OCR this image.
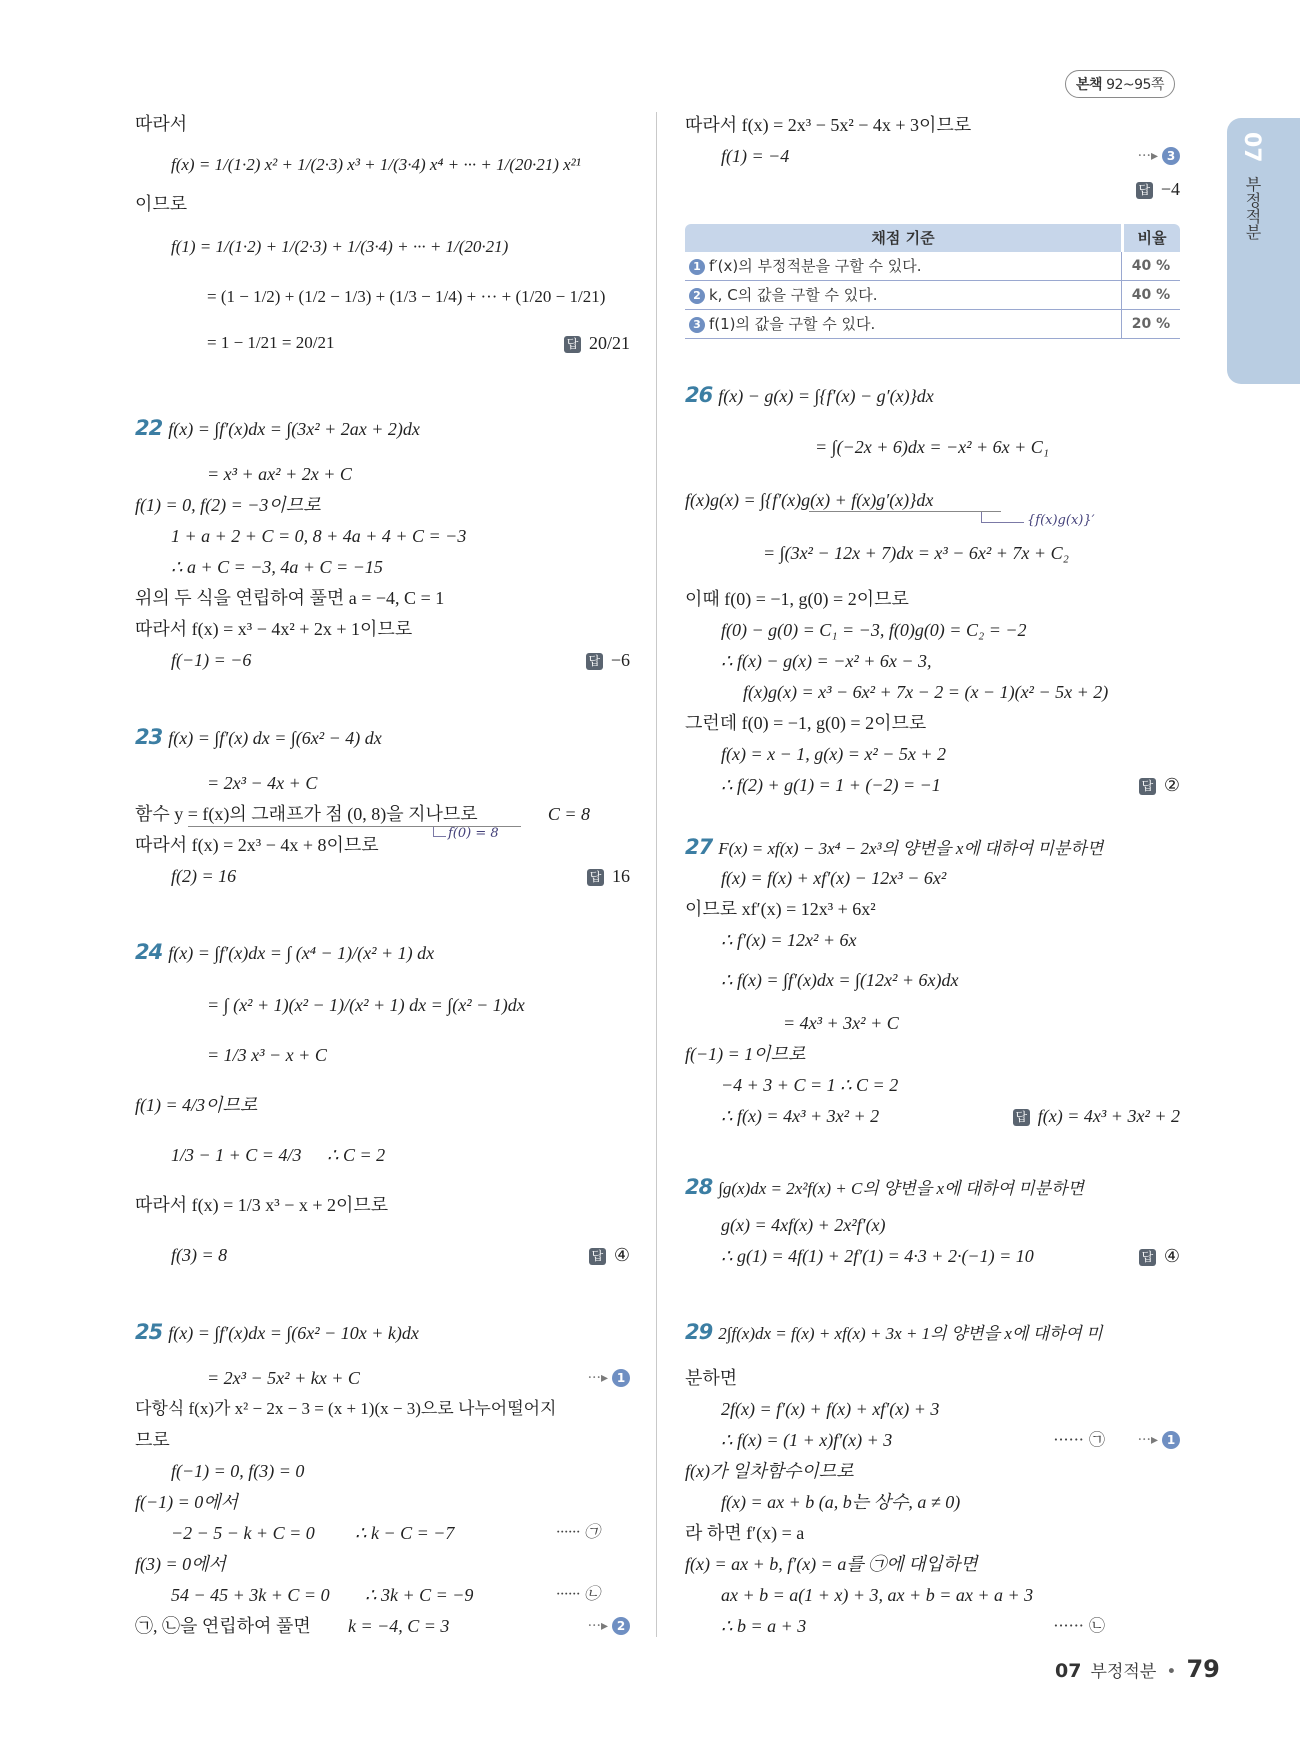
본책 92~95쪽
07
부정적분
따라서
f(x) = 1/(1·2) x² + 1/(2·3) x³ + 1/(3·4) x⁴ + ··· + 1/(20·21) x²¹
이므로
f(1) = 1/(1·2) + 1/(2·3) + 1/(3·4) + ··· + 1/(20·21)
= (1 − 1/2) + (1/2 − 1/3) + (1/3 − 1/4) + ··· + (1/20 − 1/21)
= 1 − 1/21 = 20/21	답 20/21
22 f(x) = ∫f′(x)dx = ∫(3x² + 2ax + 2)dx
= x³ + ax² + 2x + C
f(1) = 0, f(2) = −3이므로
1 + a + 2 + C = 0, 8 + 4a + 4 + C = −3
∴ a + C = −3, 4a + C = −15
위의 두 식을 연립하여 풀면 a = −4, C = 1
따라서 f(x) = x³ − 4x² + 2x + 1이므로
f(−1) = −6	답 −6
23 f(x) = ∫f′(x) dx = ∫(6x² − 4) dx
= 2x³ − 4x + C
함수 y = f(x)의 그래프가 점 (0, 8)을 지나므로	C = 8
f(0) = 8
따라서 f(x) = 2x³ − 4x + 8이므로
f(2) = 16	답 16
24 f(x) = ∫f′(x)dx = ∫ (x⁴ − 1)/(x² + 1) dx
= ∫ (x² + 1)(x² − 1)/(x² + 1) dx = ∫(x² − 1)dx
= 1/3 x³ − x + C
f(1) = 4/3이므로
1/3 − 1 + C = 4/3	∴ C = 2
따라서 f(x) = 1/3 x³ − x + 2이므로
f(3) = 8	답 ④
25 f(x) = ∫f′(x)dx = ∫(6x² − 10x + k)dx
= 2x³ − 5x² + kx + C	···▸ 1
다항식 f(x)가 x² − 2x − 3 = (x + 1)(x − 3)으로 나누어떨어지
므로
f(−1) = 0, f(3) = 0
f(−1) = 0에서
−2 − 5 − k + C = 0	∴ k − C = −7	······ ㉠
f(3) = 0에서
54 − 45 + 3k + C = 0	∴ 3k + C = −9	······ ㉡
㉠, ㉡을 연립하여 풀면	k = −4, C = 3	···▸ 2
따라서 f(x) = 2x³ − 5x² − 4x + 3이므로
f(1) = −4	···▸ 3
답 −4
채점 기준	비율
1 f′(x)의 부정적분을 구할 수 있다.	40 %
2 k, C의 값을 구할 수 있다.	40 %
3 f(1)의 값을 구할 수 있다.	20 %
26 f(x) − g(x) = ∫{f′(x) − g′(x)}dx
= ∫(−2x + 6)dx = −x² + 6x + C₁
f(x)g(x) = ∫{f′(x)g(x) + f(x)g′(x)}dx
{f(x)g(x)}′
= ∫(3x² − 12x + 7)dx = x³ − 6x² + 7x + C₂
이때 f(0) = −1, g(0) = 2이므로
f(0) − g(0) = C₁ = −3, f(0)g(0) = C₂ = −2
∴ f(x) − g(x) = −x² + 6x − 3,
f(x)g(x) = x³ − 6x² + 7x − 2 = (x − 1)(x² − 5x + 2)
그런데 f(0) = −1, g(0) = 2이므로
f(x) = x − 1, g(x) = x² − 5x + 2
∴ f(2) + g(1) = 1 + (−2) = −1	답 ②
27 F(x) = xf(x) − 3x⁴ − 2x³의 양변을 x에 대하여 미분하면
f(x) = f(x) + xf′(x) − 12x³ − 6x²
이므로 xf′(x) = 12x³ + 6x²
∴ f′(x) = 12x² + 6x
∴ f(x) = ∫f′(x)dx = ∫(12x² + 6x)dx
= 4x³ + 3x² + C
f(−1) = 1이므로
−4 + 3 + C = 1 ∴ C = 2
∴ f(x) = 4x³ + 3x² + 2	답 f(x) = 4x³ + 3x² + 2
28 ∫g(x)dx = 2x²f(x) + C의 양변을 x에 대하여 미분하면
g(x) = 4xf(x) + 2x²f′(x)
∴ g(1) = 4f(1) + 2f′(1) = 4·3 + 2·(−1) = 10	답 ④
29 2∫f(x)dx = f(x) + xf(x) + 3x + 1의 양변을 x에 대하여 미
분하면
2f(x) = f′(x) + f(x) + xf′(x) + 3
∴ f(x) = (1 + x)f′(x) + 3	······ ㉠ ···▸ 1
f(x)가 일차함수이므로
f(x) = ax + b (a, b는 상수, a ≠ 0)
라 하면 f′(x) = a
f(x) = ax + b, f′(x) = a를 ㉠에 대입하면
ax + b = a(1 + x) + 3, ax + b = ax + a + 3
∴ b = a + 3	······ ㉡
07 부정적분 • 79
